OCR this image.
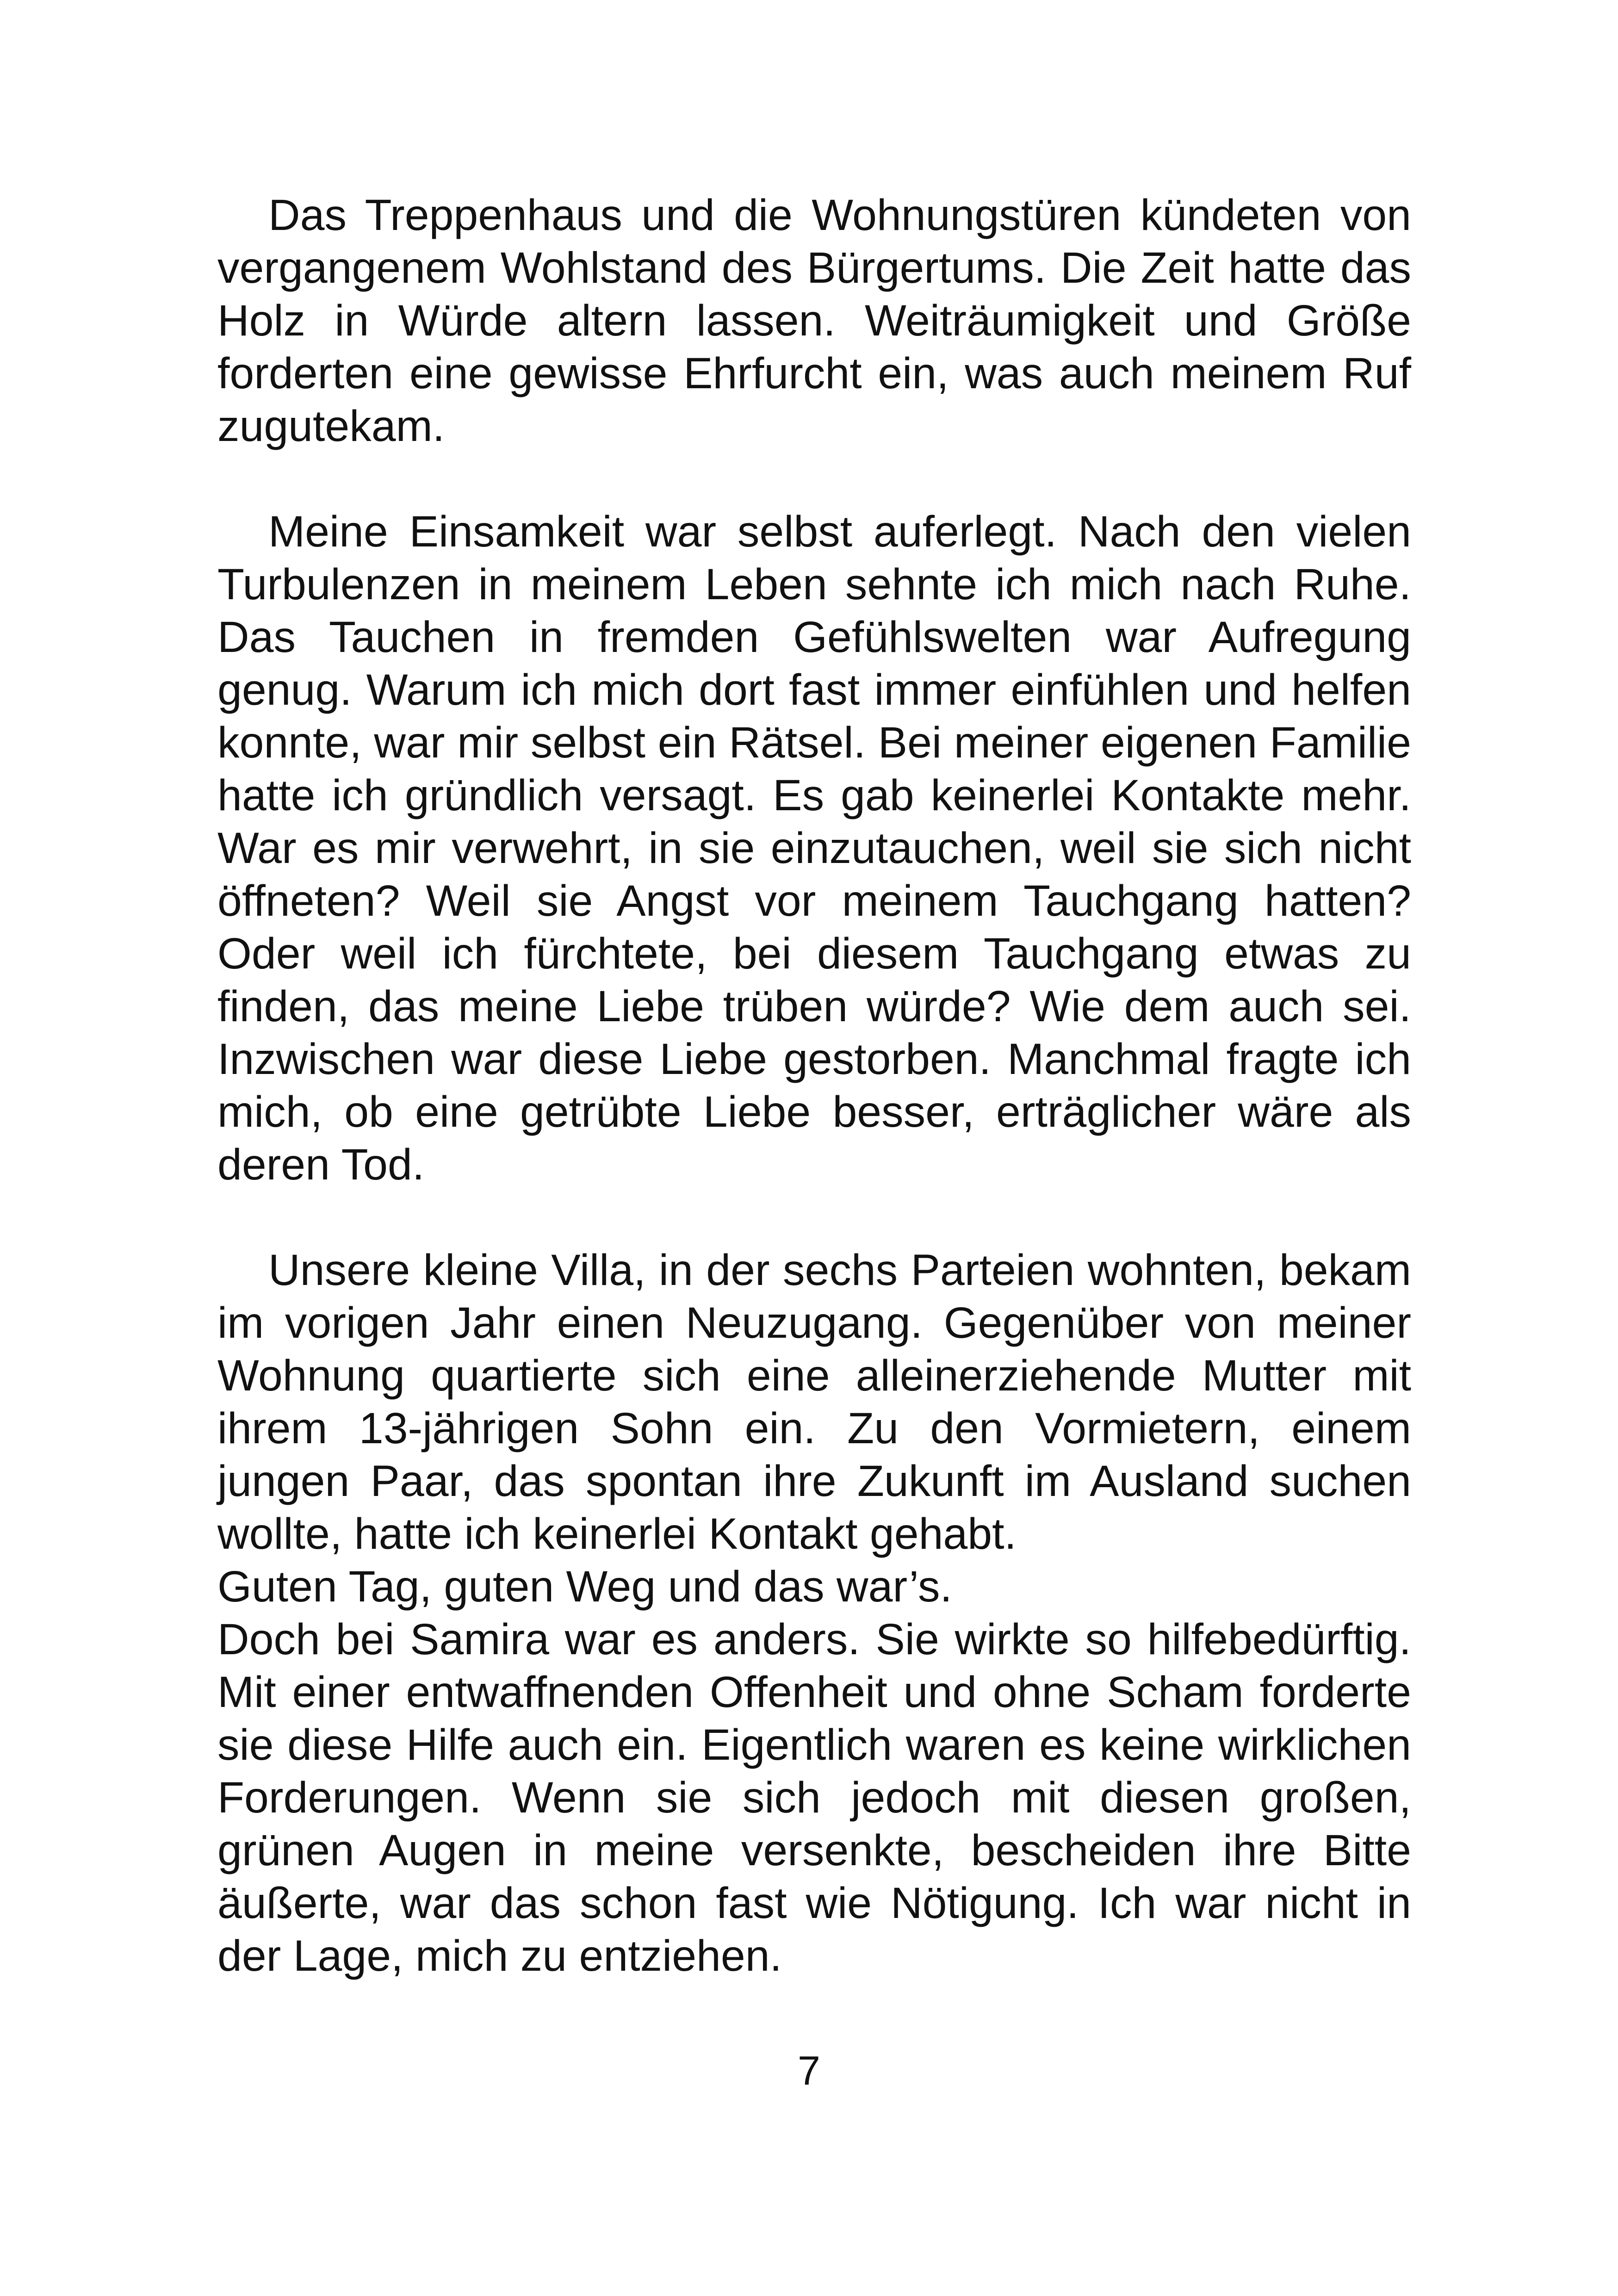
Das Treppenhaus und die Wohnungstüren kündeten von vergangenem Wohlstand des Bürgertums. Die Zeit hatte das Holz in Würde altern lassen. Weiträumigkeit und Größe forderten eine gewisse Ehrfurcht ein, was auch meinem Ruf zugutekam.

Meine Einsamkeit war selbst auferlegt. Nach den vielen Turbulenzen in meinem Leben sehnte ich mich nach Ruhe. Das Tauchen in fremden Gefühlswelten war Aufregung genug. Warum ich mich dort fast immer einfühlen und helfen konnte, war mir selbst ein Rätsel. Bei meiner eigenen Familie hatte ich gründlich versagt. Es gab keinerlei Kontakte mehr. War es mir verwehrt, in sie einzutauchen, weil sie sich nicht öffneten? Weil sie Angst vor meinem Tauchgang hatten? Oder weil ich fürchtete, bei diesem Tauchgang etwas zu finden, das meine Liebe trüben würde? Wie dem auch sei. Inzwischen war diese Liebe gestorben. Manchmal fragte ich mich, ob eine getrübte Liebe besser, erträglicher wäre als deren Tod.

Unsere kleine Villa, in der sechs Parteien wohnten, bekam im vorigen Jahr einen Neuzugang. Gegenüber von meiner Wohnung quartierte sich eine alleinerziehende Mutter mit ihrem 13-jährigen Sohn ein. Zu den Vormietern, einem jungen Paar, das spontan ihre Zukunft im Ausland suchen wollte, hatte ich keinerlei Kontakt gehabt.

Guten Tag, guten Weg und das war’s.

Doch bei Samira war es anders. Sie wirkte so hilfebedürftig. Mit einer entwaffnenden Offenheit und ohne Scham forderte sie diese Hilfe auch ein. Eigentlich waren es keine wirklichen Forderungen. Wenn sie sich jedoch mit diesen großen, grünen Augen in meine versenkte, bescheiden ihre Bitte äußerte, war das schon fast wie Nötigung. Ich war nicht in der Lage, mich zu entziehen.

7
